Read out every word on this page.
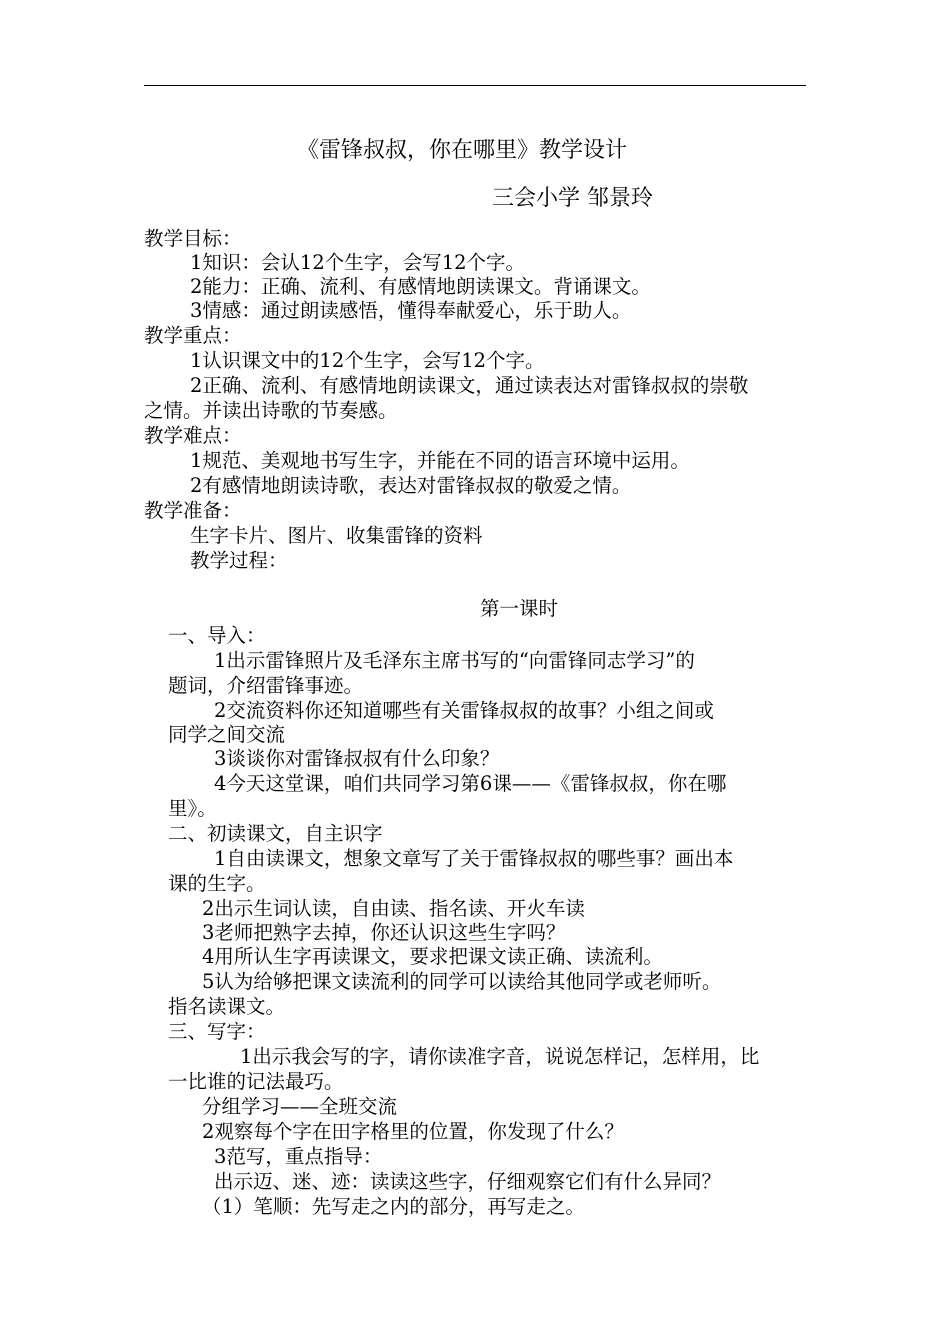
《雷锋叔叔，你在哪里》教学设计
三会小学 邹景玲
教学目标：
1知识：会认12个生字，会写12个字。
2能力：正确、流利、有感情地朗读课文。背诵课文。
3情感：通过朗读感悟，懂得奉献爱心，乐于助人。
教学重点：
1认识课文中的12个生字，会写12个字。
2正确、流利、有感情地朗读课文，通过读表达对雷锋叔叔的崇敬
之情。并读出诗歌的节奏感。
教学难点：
1规范、美观地书写生字，并能在不同的语言环境中运用。
2有感情地朗读诗歌，表达对雷锋叔叔的敬爱之情。
教学准备：
生字卡片、图片、收集雷锋的资料
教学过程：
第一课时
一、导入：
1出示雷锋照片及毛泽东主席书写的“向雷锋同志学习”的
题词，介绍雷锋事迹。
2交流资料你还知道哪些有关雷锋叔叔的故事？小组之间或
同学之间交流
3谈谈你对雷锋叔叔有什么印象？
4今天这堂课，咱们共同学习第6课——《雷锋叔叔，你在哪
里》。
二、初读课文，自主识字
1自由读课文，想象文章写了关于雷锋叔叔的哪些事？画出本
课的生字。
2出示生词认读，自由读、指名读、开火车读
3老师把熟字去掉，你还认识这些生字吗？
4用所认生字再读课文，要求把课文读正确、读流利。
5认为给够把课文读流利的同学可以读给其他同学或老师听。
指名读课文。
三、写字：
1出示我会写的字，请你读准字音，说说怎样记，怎样用，比
一比谁的记法最巧。
分组学习——全班交流
2观察每个字在田字格里的位置，你发现了什么？
3范写，重点指导：
出示迈、迷、迹：读读这些字，仔细观察它们有什么异同？
（1）笔顺：先写走之内的部分，再写走之。
